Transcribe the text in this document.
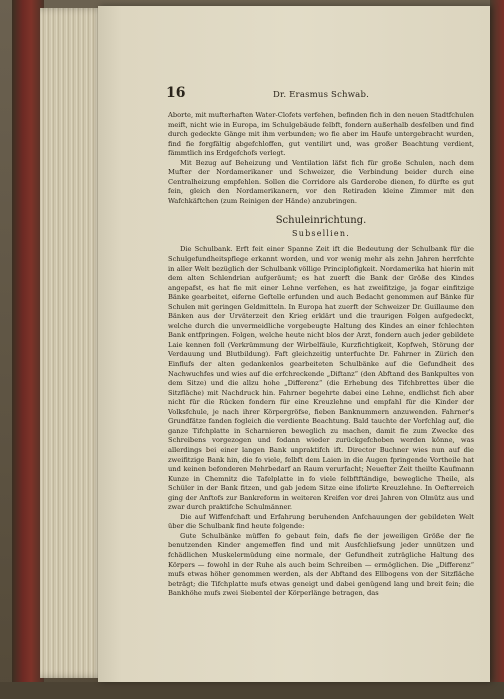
16	Dr. Erasmus Schwab.

Aborte, mit mufterhaften Water-Clofets verfehen, befinden fich in den neuen Stadtfchulen meift, nicht wie in Europa, im Schulgebäude felbft, fondern außerhalb desfelben und find durch gedeckte Gänge mit ihm verbunden; wo fie aber im Haufe untergebracht wurden, find fie forgfältig abgefchloffen, gut ventilirt und, was großer Beachtung verdient, fämmtlich ins Erdgefchofs verlegt.

Mit Bezug auf Beheizung und Ventilation läfst fich für große Schulen, nach dem Mufter der Nordamerikaner und Schweizer, die Verbindung beider durch eine Centralheizung empfehlen. Sollen die Corridore als Garderobe dienen, fo dürfte es gut fein, gleich den Nordamerikanern, vor den Retiraden kleine Zimmer mit den Wafchkäftchen (zum Reinigen der Hände) anzubringen.

Schuleinrichtung.
Subsellien.

Die Schulbank. Erft feit einer Spanne Zeit ift die Bedeutung der Schulbank für die Schulgefundheitspflege erkannt worden, und vor wenig mehr als zehn Jahren herrfchte in aller Welt bezüglich der Schulbank völlige Principlofigkeit. Nordamerika hat hierin mit dem alten Schlendrian aufgeräumt; es hat zuerft die Bank der Größe des Kindes angepafst, es hat fie mit einer Lehne verfehen, es hat zweifitzige, ja fogar einfitzige Bänke gearbeitet, eiferne Geftelle erfunden und auch Bedacht genommen auf Bänke für Schulen mit geringen Geldmitteln. In Europa hat zuerft der Schweizer Dr. Guillaume den Bänken aus der Urväterzeit den Krieg erklärt und die traurigen Folgen aufgedeckt, welche durch die unvermeidliche vorgebeugte Haltung des Kindes an einer fchlechten Bank entfpringen. Folgen, welche heute nicht blos der Arzt, fondern auch jeder gebildete Laie kennen foll (Verkrümmung der Wirbelfäule, Kurzfichtigkeit, Kopfweh, Störung der Verdauung und Blutbildung). Faft gleichzeitig unterfuchte Dr. Fahrner in Zürich den Einflufs der alten gedankenlos gearbeiteten Schulbänke auf die Gefundheit des Nachwuchfes und wies auf die erfchreckende „Diftanz“ (den Abftand des Bankpultes von dem Sitze) und die allzu hohe „Differenz“ (die Erhebung des Tifchbrettes über die Sitzfläche) mit Nachdruck hin. Fahrner begehrte dabei eine Lehne, endlichst fich aber nicht für die Rücken fondern für eine Kreuzlehne und empfahl für die Kinder der Volksfchule, je nach ihrer Körpergröfse, fieben Banknummern anzuwenden. Fahrner's Grundfätze fanden fogleich die verdiente Beachtung. Bald tauchte der Vorfchlag auf, die ganze Tifchplatte in Scharnieren beweglich zu machen, damit fie zum Zwecke des Schreibens vorgezogen und fodann wieder zurückgefchoben werden könne, was allerdings bei einer langen Bank unpraktifch ift. Director Buchner wies nun auf die zweifitzige Bank hin, die fo viele, felbft dem Laien in die Augen fpringende Vortheile hat und keinen befonderen Mehrbedarf an Raum verurfacht; Neuefter Zeit theilte Kaufmann Kunze in Chemnitz die Tafelplatte in fo viele felbftftändige, bewegliche Theile, als Schüler in der Bank fitzen, und gab jedem Sitze eine ifolirte Kreuzlehne. In Oefterreich ging der Anftofs zur Bankreform in weiteren Kreifen vor drei Jahren von Olmütz aus und zwar durch praktifche Schulmänner.

Die auf Wiffenfchaft und Erfahrung beruhenden Anfchauungen der gebildeten Welt über die Schulbank find heute folgende:

Gute Schulbänke müffen fo gebaut fein, dafs fie der jeweiligen Größe der fie benutzenden Kinder angemeffen find und mit Ausfchliefsung jeder unnützen und fchädlichen Muskelermüdung eine normale, der Gefundheit zuträgliche Haltung des Körpers — fowohl in der Ruhe als auch beim Schreiben — ermöglichen. Die „Differenz“ mufs etwas höher genommen werden, als der Abftand des Ellbogens von der Sitzfläche beträgt; die Tifchplatte mufs etwas geneigt und dabei genügend lang und breit fein; die Bankhöhe mufs zwei Siebentel der Körperlänge betragen, das
